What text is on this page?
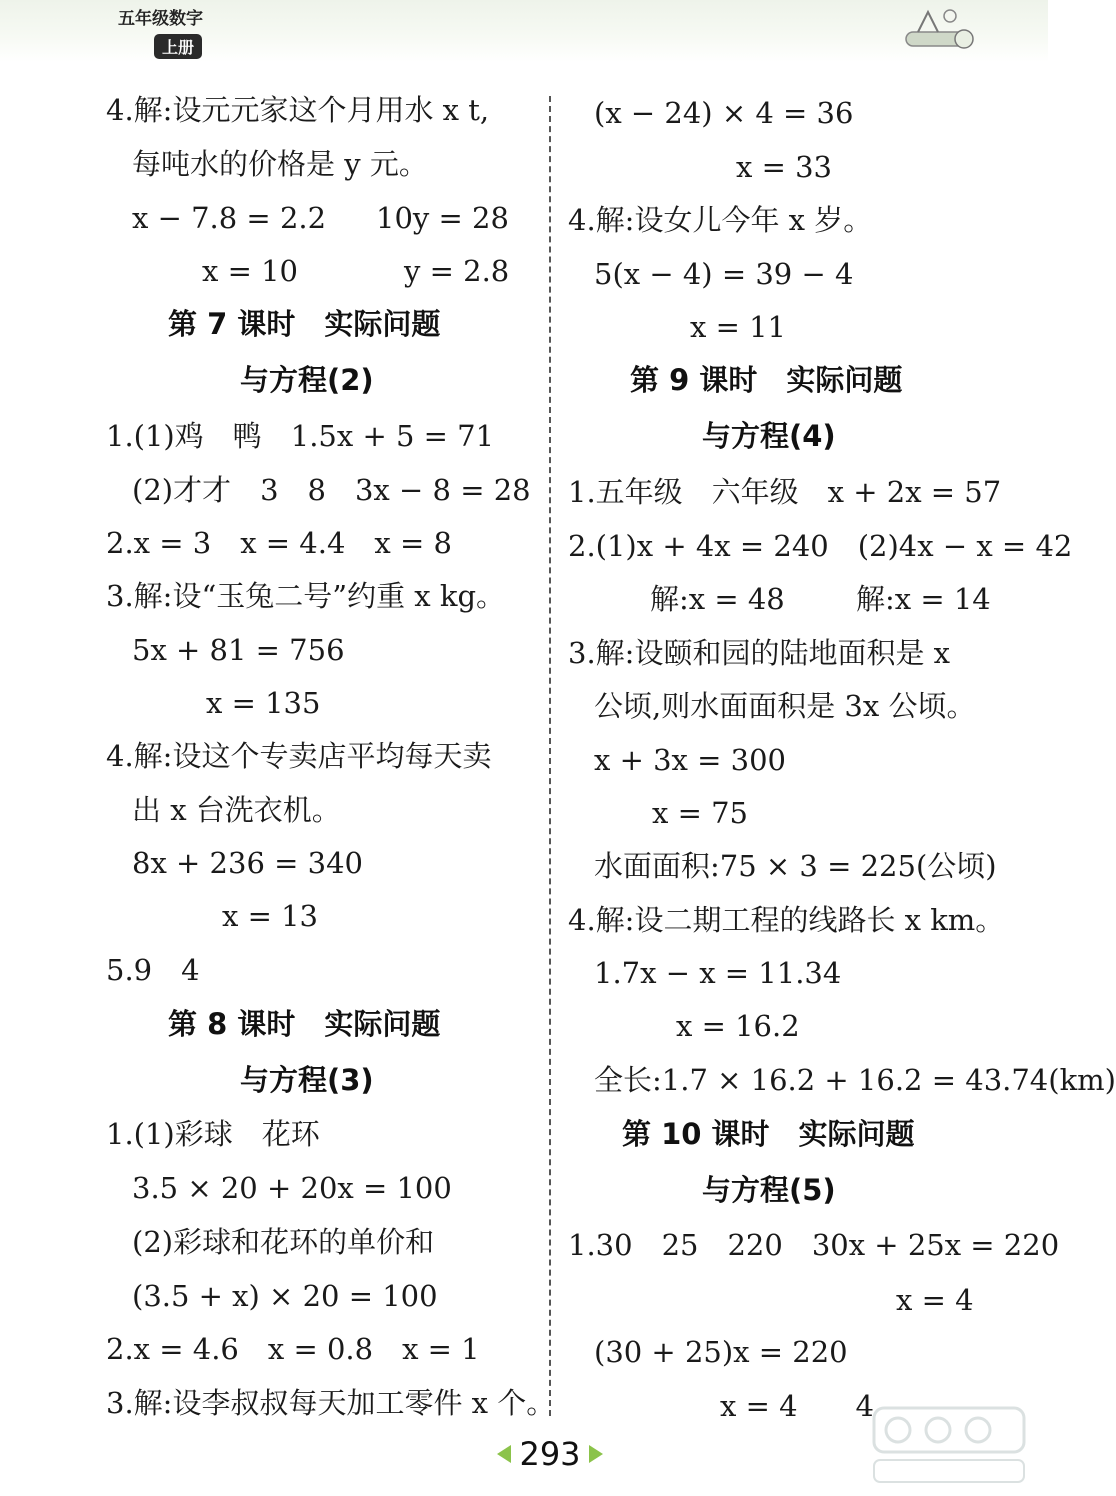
五年级数字
上册
4.解:设元元家这个月用水 x t,
每吨水的价格是 y 元。
x − 7.8 = 2.2 10y = 28
x = 10	y = 2.8
第 7 课时　实际问题
与方程(2)
1.(1)鸡　鸭　1.5x + 5 = 71
(2)才才　3　8　3x − 8 = 28
2.x = 3　x = 4.4　x = 8
3.解:设“玉兔二号”约重 x kg。
5x + 81 = 756
x = 135
4.解:设这个专卖店平均每天卖
出 x 台洗衣机。
8x + 236 = 340
x = 13
5.9　4
第 8 课时　实际问题
与方程(3)
1.(1)彩球　花环
3.5 × 20 + 20x = 100
(2)彩球和花环的单价和
(3.5 + x) × 20 = 100
2.x = 4.6　x = 0.8　x = 1
3.解:设李叔叔每天加工零件 x 个。
(x − 24) × 4 = 36
x = 33
4.解:设女儿今年 x 岁。
5(x − 4) = 39 − 4
x = 11
第 9 课时　实际问题
与方程(4)
1.五年级　六年级　x + 2x = 57
2.(1)x + 4x = 240　(2)4x − x = 42
解:x = 48 解:x = 14
3.解:设颐和园的陆地面积是 x
公顷,则水面面积是 3x 公顷。
x + 3x = 300
x = 75
水面面积:75 × 3 = 225(公顷)
4.解:设二期工程的线路长 x km。
1.7x − x = 11.34
x = 16.2
全长:1.7 × 16.2 + 16.2 = 43.74(km)
第 10 课时　实际问题
与方程(5)
1.30　25　220　30x + 25x = 220
x = 4
(30 + 25)x = 220
x = 4　　4
293
